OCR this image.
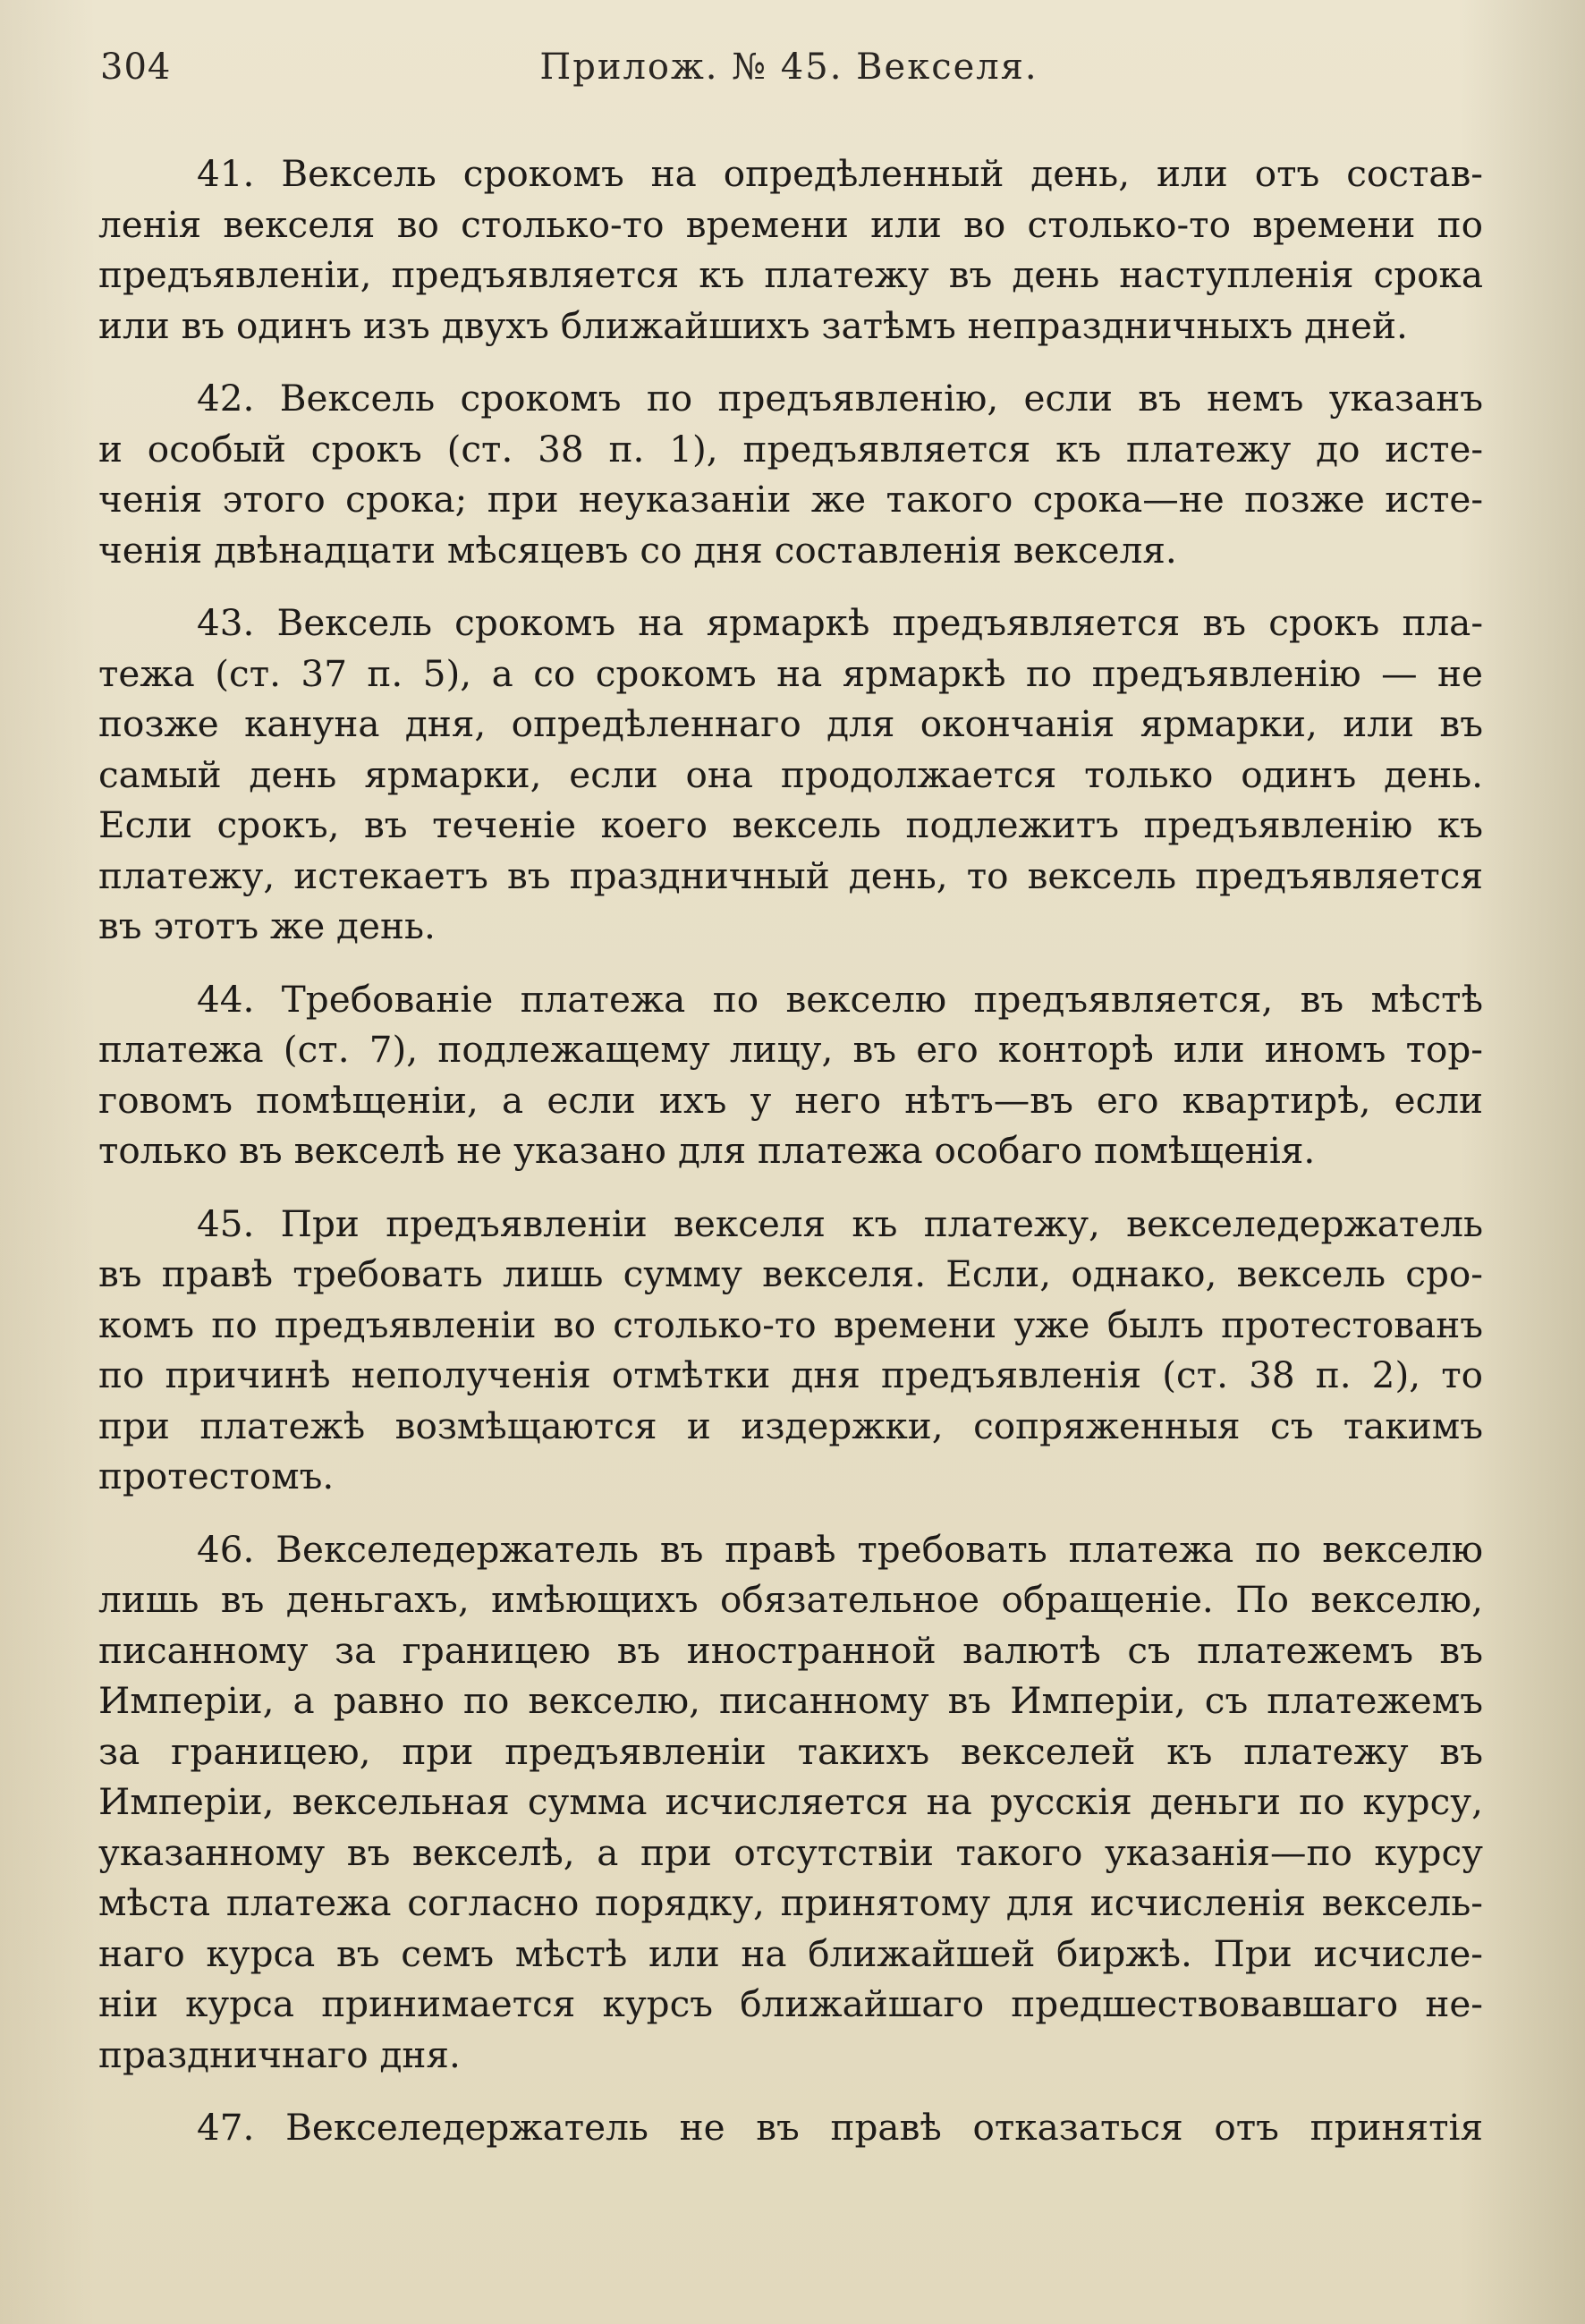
304	Прилож. № 45. Векселя.
41. Вексель срокомъ на опредѣленный день, или отъ состав-
ленія векселя во столько-то времени или во столько-то времени по
предъявленіи, предъявляется къ платежу въ день наступленія срока
или въ одинъ изъ двухъ ближайшихъ затѣмъ непраздничныхъ дней.
42. Вексель срокомъ по предъявленію, если въ немъ указанъ
и особый срокъ (ст. 38 п. 1), предъявляется къ платежу до исте-
ченія этого срока; при неуказаніи же такого срока—не позже исте-
ченія двѣнадцати мѣсяцевъ со дня составленія векселя.
43. Вексель срокомъ на ярмаркѣ предъявляется въ срокъ пла-
тежа (ст. 37 п. 5), а со срокомъ на ярмаркѣ по предъявленію — не
позже кануна дня, опредѣленнаго для окончанія ярмарки, или въ
самый день ярмарки, если она продолжается только одинъ день.
Если срокъ, въ теченіе коего вексель подлежитъ предъявленію къ
платежу, истекаетъ въ праздничный день, то вексель предъявляется
въ этотъ же день.
44. Требованіе платежа по векселю предъявляется, въ мѣстѣ
платежа (ст. 7), подлежащему лицу, въ его конторѣ или иномъ тор-
говомъ помѣщеніи, а если ихъ у него нѣтъ—въ его квартирѣ, если
только въ векселѣ не указано для платежа особаго помѣщенія.
45. При предъявленіи векселя къ платежу, векселедержатель
въ правѣ требовать лишь сумму векселя. Если, однако, вексель сро-
комъ по предъявленіи во столько-то времени уже былъ протестованъ
по причинѣ неполученія отмѣтки дня предъявленія (ст. 38 п. 2), то
при платежѣ возмѣщаются и издержки, сопряженныя съ такимъ
протестомъ.
46. Векселедержатель въ правѣ требовать платежа по векселю
лишь въ деньгахъ, имѣющихъ обязательное обращеніе. По векселю,
писанному за границею въ иностранной валютѣ съ платежемъ въ
Имперіи, а равно по векселю, писанному въ Имперіи, съ платежемъ
за границею, при предъявленіи такихъ векселей къ платежу въ
Имперіи, вексельная сумма исчисляется на русскія деньги по курсу,
указанному въ векселѣ, а при отсутствіи такого указанія—по курсу
мѣста платежа согласно порядку, принятому для исчисленія вексель-
наго курса въ семъ мѣстѣ или на ближайшей биржѣ. При исчисле-
ніи курса принимается курсъ ближайшаго предшествовавшаго не-
праздничнаго дня.
47. Векселедержатель не въ правѣ отказаться отъ принятія
